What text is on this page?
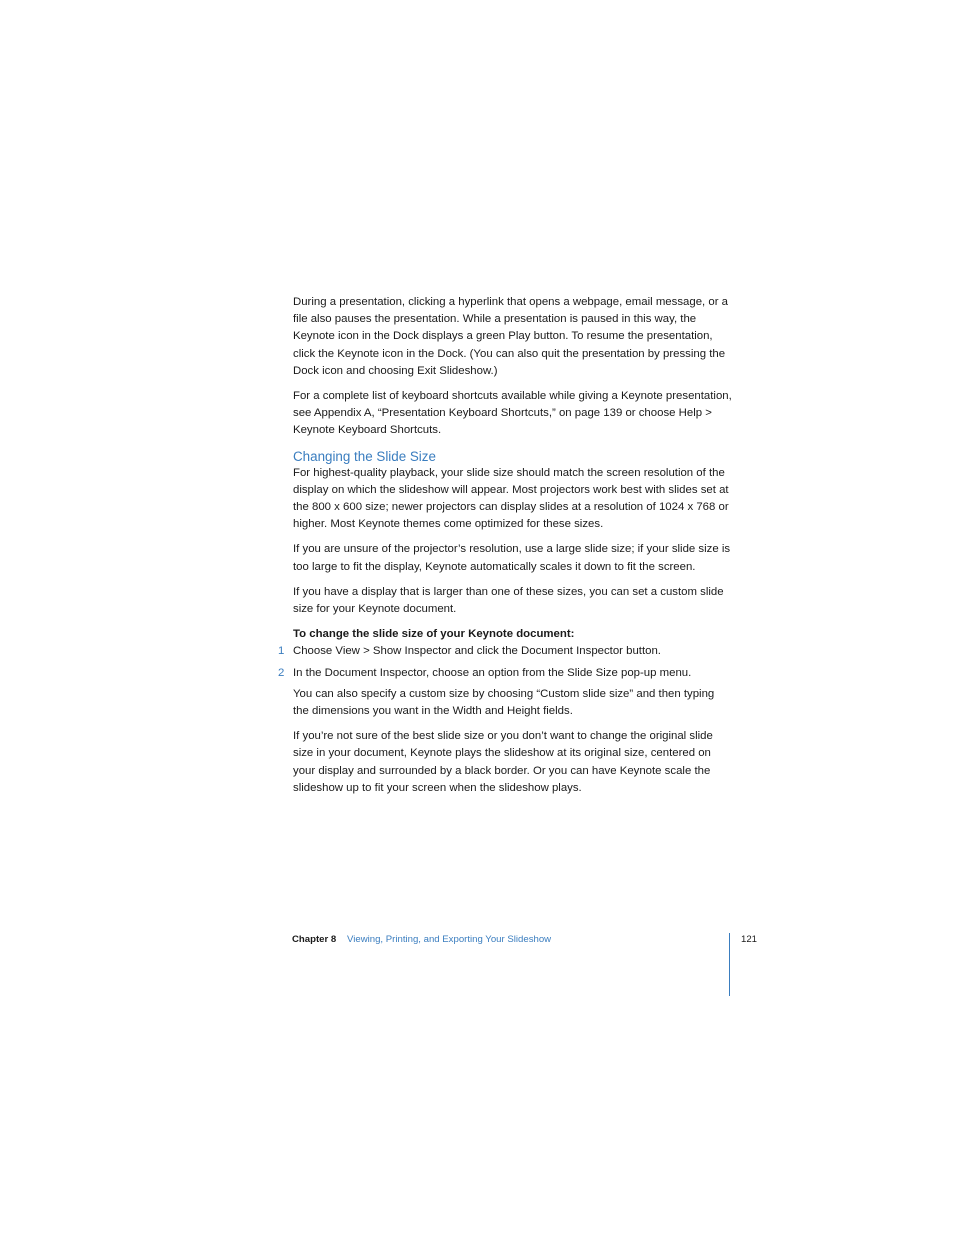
During a presentation, clicking a hyperlink that opens a webpage, email message, or a file also pauses the presentation. While a presentation is paused in this way, the Keynote icon in the Dock displays a green Play button. To resume the presentation, click the Keynote icon in the Dock. (You can also quit the presentation by pressing the Dock icon and choosing Exit Slideshow.)

For a complete list of keyboard shortcuts available while giving a Keynote presentation, see Appendix A, “Presentation Keyboard Shortcuts,” on page 139 or choose Help > Keynote Keyboard Shortcuts.

Changing the Slide Size

For highest-quality playback, your slide size should match the screen resolution of the display on which the slideshow will appear. Most projectors work best with slides set at the 800 x 600 size; newer projectors can display slides at a resolution of 1024 x 768 or higher. Most Keynote themes come optimized for these sizes.

If you are unsure of the projector’s resolution, use a large slide size; if your slide size is too large to fit the display, Keynote automatically scales it down to fit the screen.

If you have a display that is larger than one of these sizes, you can set a custom slide size for your Keynote document.

To change the slide size of your Keynote document:

1 Choose View > Show Inspector and click the Document Inspector button.
2 In the Document Inspector, choose an option from the Slide Size pop-up menu.

You can also specify a custom size by choosing “Custom slide size” and then typing the dimensions you want in the Width and Height fields.

If you’re not sure of the best slide size or you don’t want to change the original slide size in your document, Keynote plays the slideshow at its original size, centered on your display and surrounded by a black border. Or you can have Keynote scale the slideshow up to fit your screen when the slideshow plays.

Chapter 8 Viewing, Printing, and Exporting Your Slideshow	121
